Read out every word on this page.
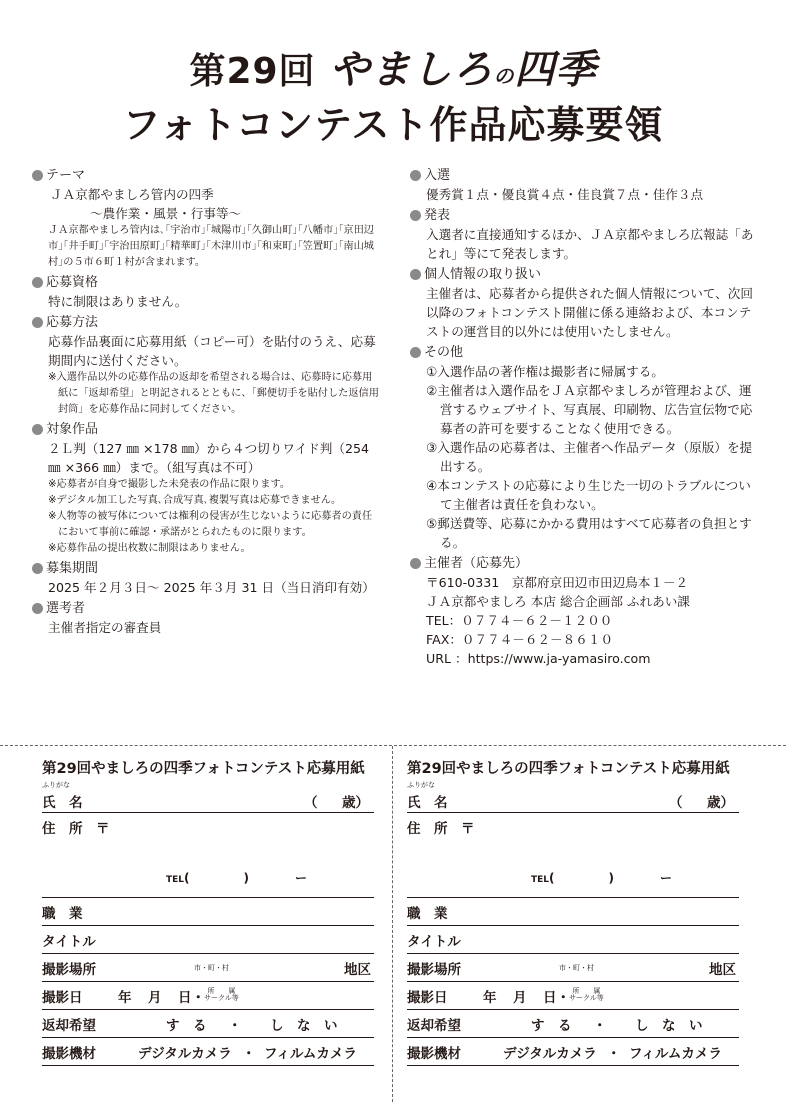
第29回 やましろの四季
フォトコンテスト作品応募要領
テーマ
ＪＡ京都やましろ管内の四季
〜農作業・風景・行事等〜
ＪＡ京都やましろ管内は､｢宇治市｣｢城陽市｣｢久御山町｣｢八幡市｣｢京田辺市｣｢井手町｣｢宇治田原町｣｢精華町｣｢木津川市｣｢和束町｣｢笠置町｣｢南山城村｣の５市６町１村が含まれます。
応募資格
特に制限はありません。
応募方法
応募作品裏面に応募用紙（コピー可）を貼付のうえ、応募期間内に送付ください。
※入選作品以外の応募作品の返却を希望される場合は、応募時に応募用紙に「返却希望」と明記されるとともに、「郵便切手を貼付した返信用封筒」を応募作品に同封してください。
対象作品
２Ｌ判（127 ㎜ ×178 ㎜）から４つ切りワイド判（254 ㎜ ×366 ㎜）まで。（組写真は不可）
※応募者が自身で撮影した未発表の作品に限ります。
※デジタル加工した写真､合成写真､複製写真は応募できません｡
※人物等の被写体については権利の侵害が生じないように応募者の責任において事前に確認・承諾がとられたものに限ります。
※応募作品の提出枚数に制限はありません。
募集期間
2025 年２月３日〜 2025 年３月 31 日（当日消印有効）
選考者
主催者指定の審査員
入選
優秀賞１点・優良賞４点・佳良賞７点・佳作３点
発表
入選者に直接通知するほか、ＪＡ京都やましろ広報誌「あとれ」等にて発表します。
個人情報の取り扱い
主催者は、応募者から提供された個人情報について、次回以降のフォトコンテスト開催に係る連絡および、本コンテストの運営目的以外には使用いたしません。
その他
①入選作品の著作権は撮影者に帰属する。
②主催者は入選作品をＪＡ京都やましろが管理および、運営するウェブサイト、写真展、印刷物、広告宣伝物で応募者の許可を要することなく使用できる。
③入選作品の応募者は、主催者へ作品データ（原版）を提出する。
④本コンテストの応募により生じた一切のトラブルについて主催者は責任を負わない。
⑤郵送費等、応募にかかる費用はすべて応募者の負担とする。
主催者（応募先）
〒610-0331　京都府京田辺市田辺鳥本１－２
ＪＡ京都やましろ 本店 総合企画部 ふれあい課
TEL：０７７４－６２－１２００
FAX：０７７４－６２－８６１０
URL ：https://www.ja-yamasiro.com
第29回やましろの四季フォトコンテスト応募用紙
ふりがな
氏　名	（ 歳）
住　所　〒
TEL(	)	ー
職　業
タイトル
撮影場所	市・町・村	地区
撮影日	年 月 日・ 所　　属
サークル等
返却希望	す　る ・ し　な　い
撮影機材	デジタルカメラ ・ フィルムカメラ
第29回やましろの四季フォトコンテスト応募用紙
ふりがな
氏　名	（ 歳）
住　所　〒
TEL(	)	ー
職　業
タイトル
撮影場所	市・町・村	地区
撮影日	年 月 日・ 所　　属
サークル等
返却希望	す　る ・ し　な　い
撮影機材	デジタルカメラ ・ フィルムカメラ
